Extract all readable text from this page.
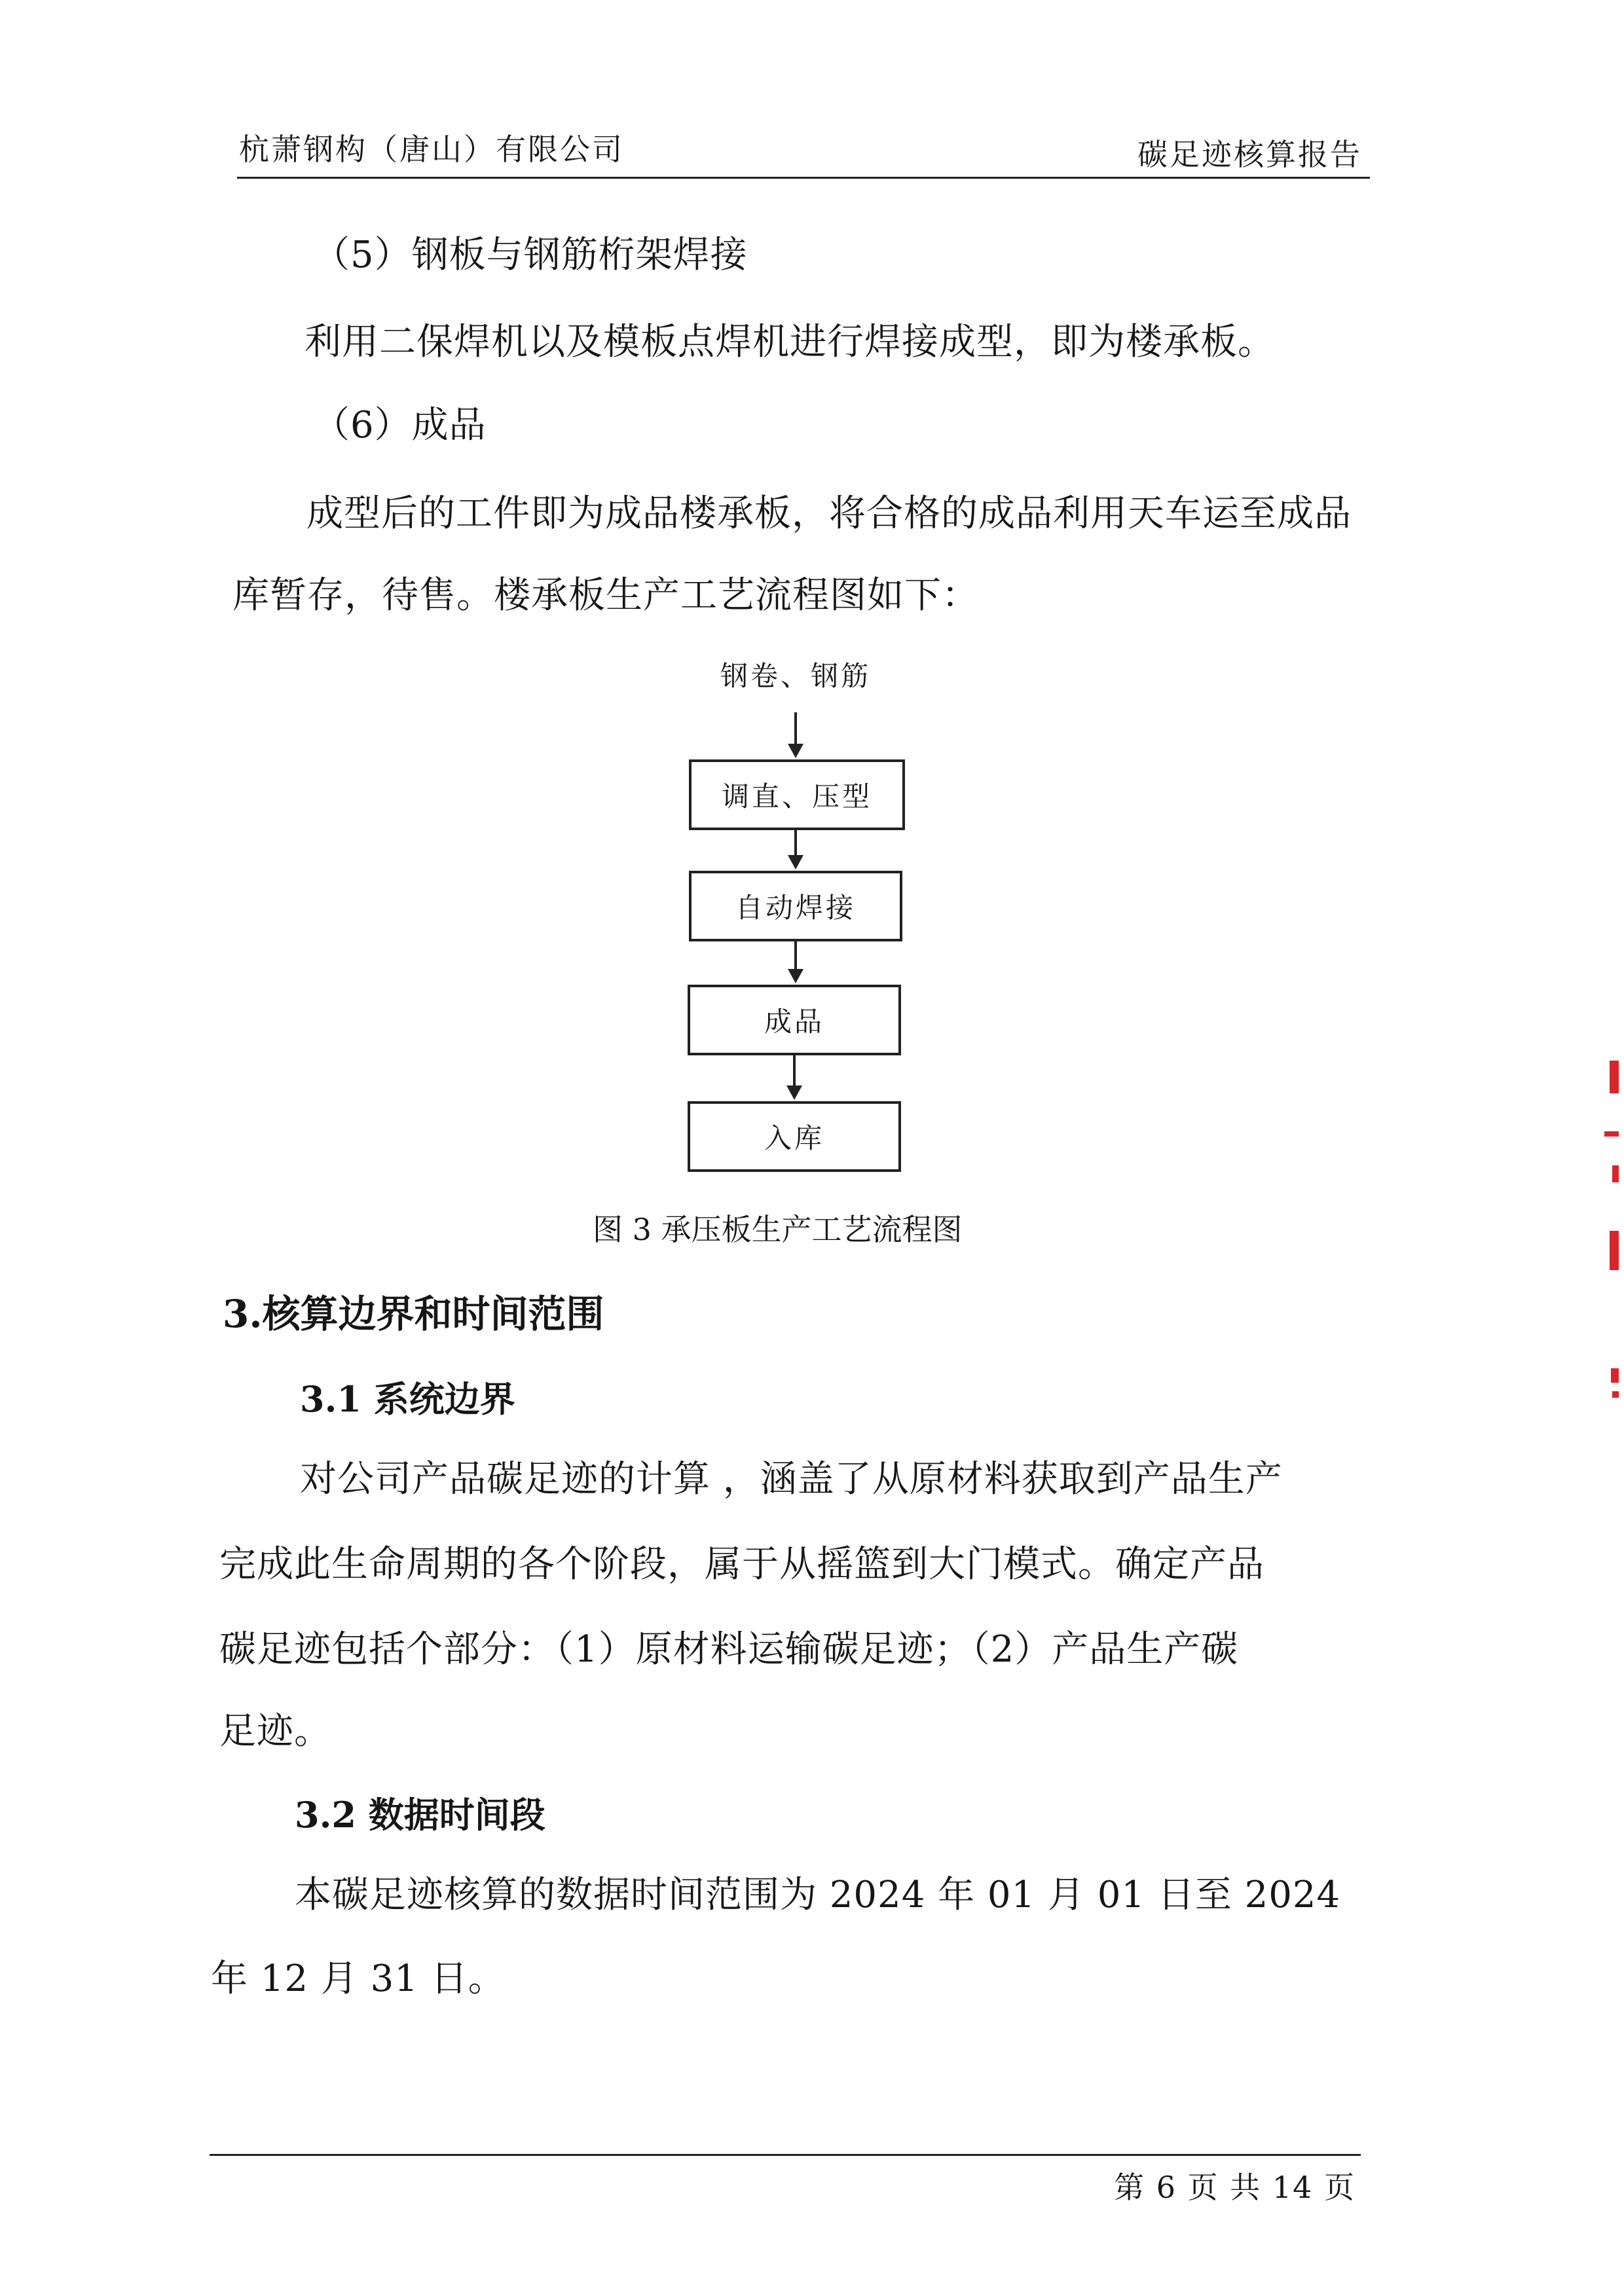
杭萧钢构（唐山）有限公司	碳足迹核算报告
（5）钢板与钢筋桁架焊接
利用二保焊机以及模板点焊机进行焊接成型，即为楼承板。
（6）成品
成型后的工件即为成品楼承板，将合格的成品利用天车运至成品
库暂存，待售。楼承板生产工艺流程图如下：
钢卷、钢筋
调直、压型
自动焊接
成品
入库
图 3 承压板生产工艺流程图
3.核算边界和时间范围
3.1 系统边界
对公司产品碳足迹的计算 ，涵盖了从原材料获取到产品生产
完成此生命周期的各个阶段，属于从摇篮到大门模式。确定产品
碳足迹包括个部分：（1）原材料运输碳足迹；（2）产品生产碳
足迹。
3.2 数据时间段
本碳足迹核算的数据时间范围为 2024 年 01 月 01 日至 2024
年 12 月 31 日。
第 6 页 共 14 页
